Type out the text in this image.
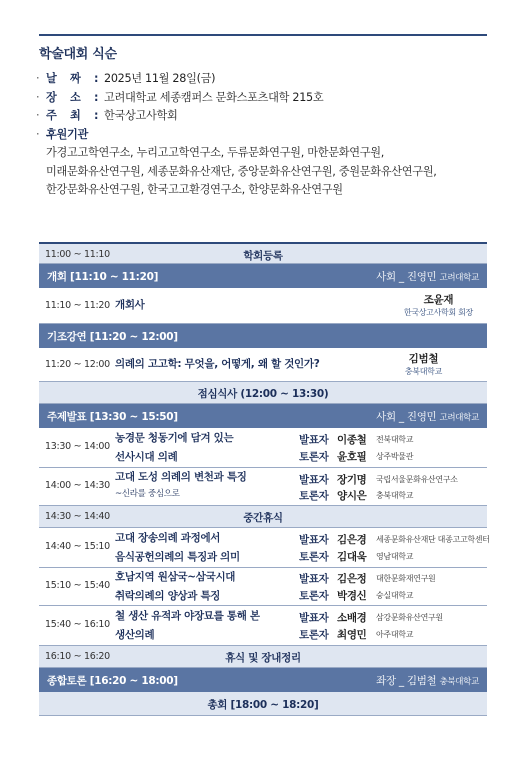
학술대회 식순
· 날	짜	: 2025년 11월 28일(금)
· 장	소	: 고려대학교 세종캠퍼스 문화스포츠대학 215호
· 주	최	: 한국상고사학회
· 후원기관
가경고고학연구소, 누리고고학연구소, 두류문화연구원, 마한문화연구원,
미래문화유산연구원, 세종문화유산재단, 중앙문화유산연구원, 중원문화유산연구원,
한강문화유산연구원, 한국고고환경연구소, 한양문화유산연구원
11:00 ~ 11:10	학회등록
개회 [11:10 ~ 11:20]	사회 _ 진영민 고려대학교
11:10 ~ 11:20 개회사	조윤재
한국상고사학회 회장
기조강연 [11:20 ~ 12:00]
11:20 ~ 12:00 의례의 고고학: 무엇을, 어떻게, 왜 할 것인가?	김범철
충북대학교
점심식사 (12:00 ~ 13:30)
주제발표 [13:30 ~ 15:50]	사회 _ 진영민 고려대학교
13:30 ~ 14:00
농경문 청동기에 담겨 있는
선사시대 의례
발표자 이종철 전북대학교
토론자 윤호필 상주박물관
14:00 ~ 14:30
고대 도성 의례의 변천과 특징
~신라를 중심으로
발표자 장기명 국립서울문화유산연구소
토론자 양시은 충북대학교
14:30 ~ 14:40	중간휴식
14:40 ~ 15:10
고대 장송의례 과정에서
음식공헌의례의 특징과 의미
발표자 김은경 세종문화유산재단 대종고고학센터
토론자 김대욱 영남대학교
15:10 ~ 15:40
호남지역 원삼국~삼국시대
취락의례의 양상과 특징
발표자 김은정 대한문화재연구원
토론자 박경신 숭실대학교
15:40 ~ 16:10
철 생산 유적과 야장묘를 통해 본
생산의례
발표자 소배경 삼강문화유산연구원
토론자 최영민 아주대학교
16:10 ~ 16:20	휴식 및 장내정리
종합토론 [16:20 ~ 18:00]	좌장 _ 김범철 충북대학교
총회 [18:00 ~ 18:20]
